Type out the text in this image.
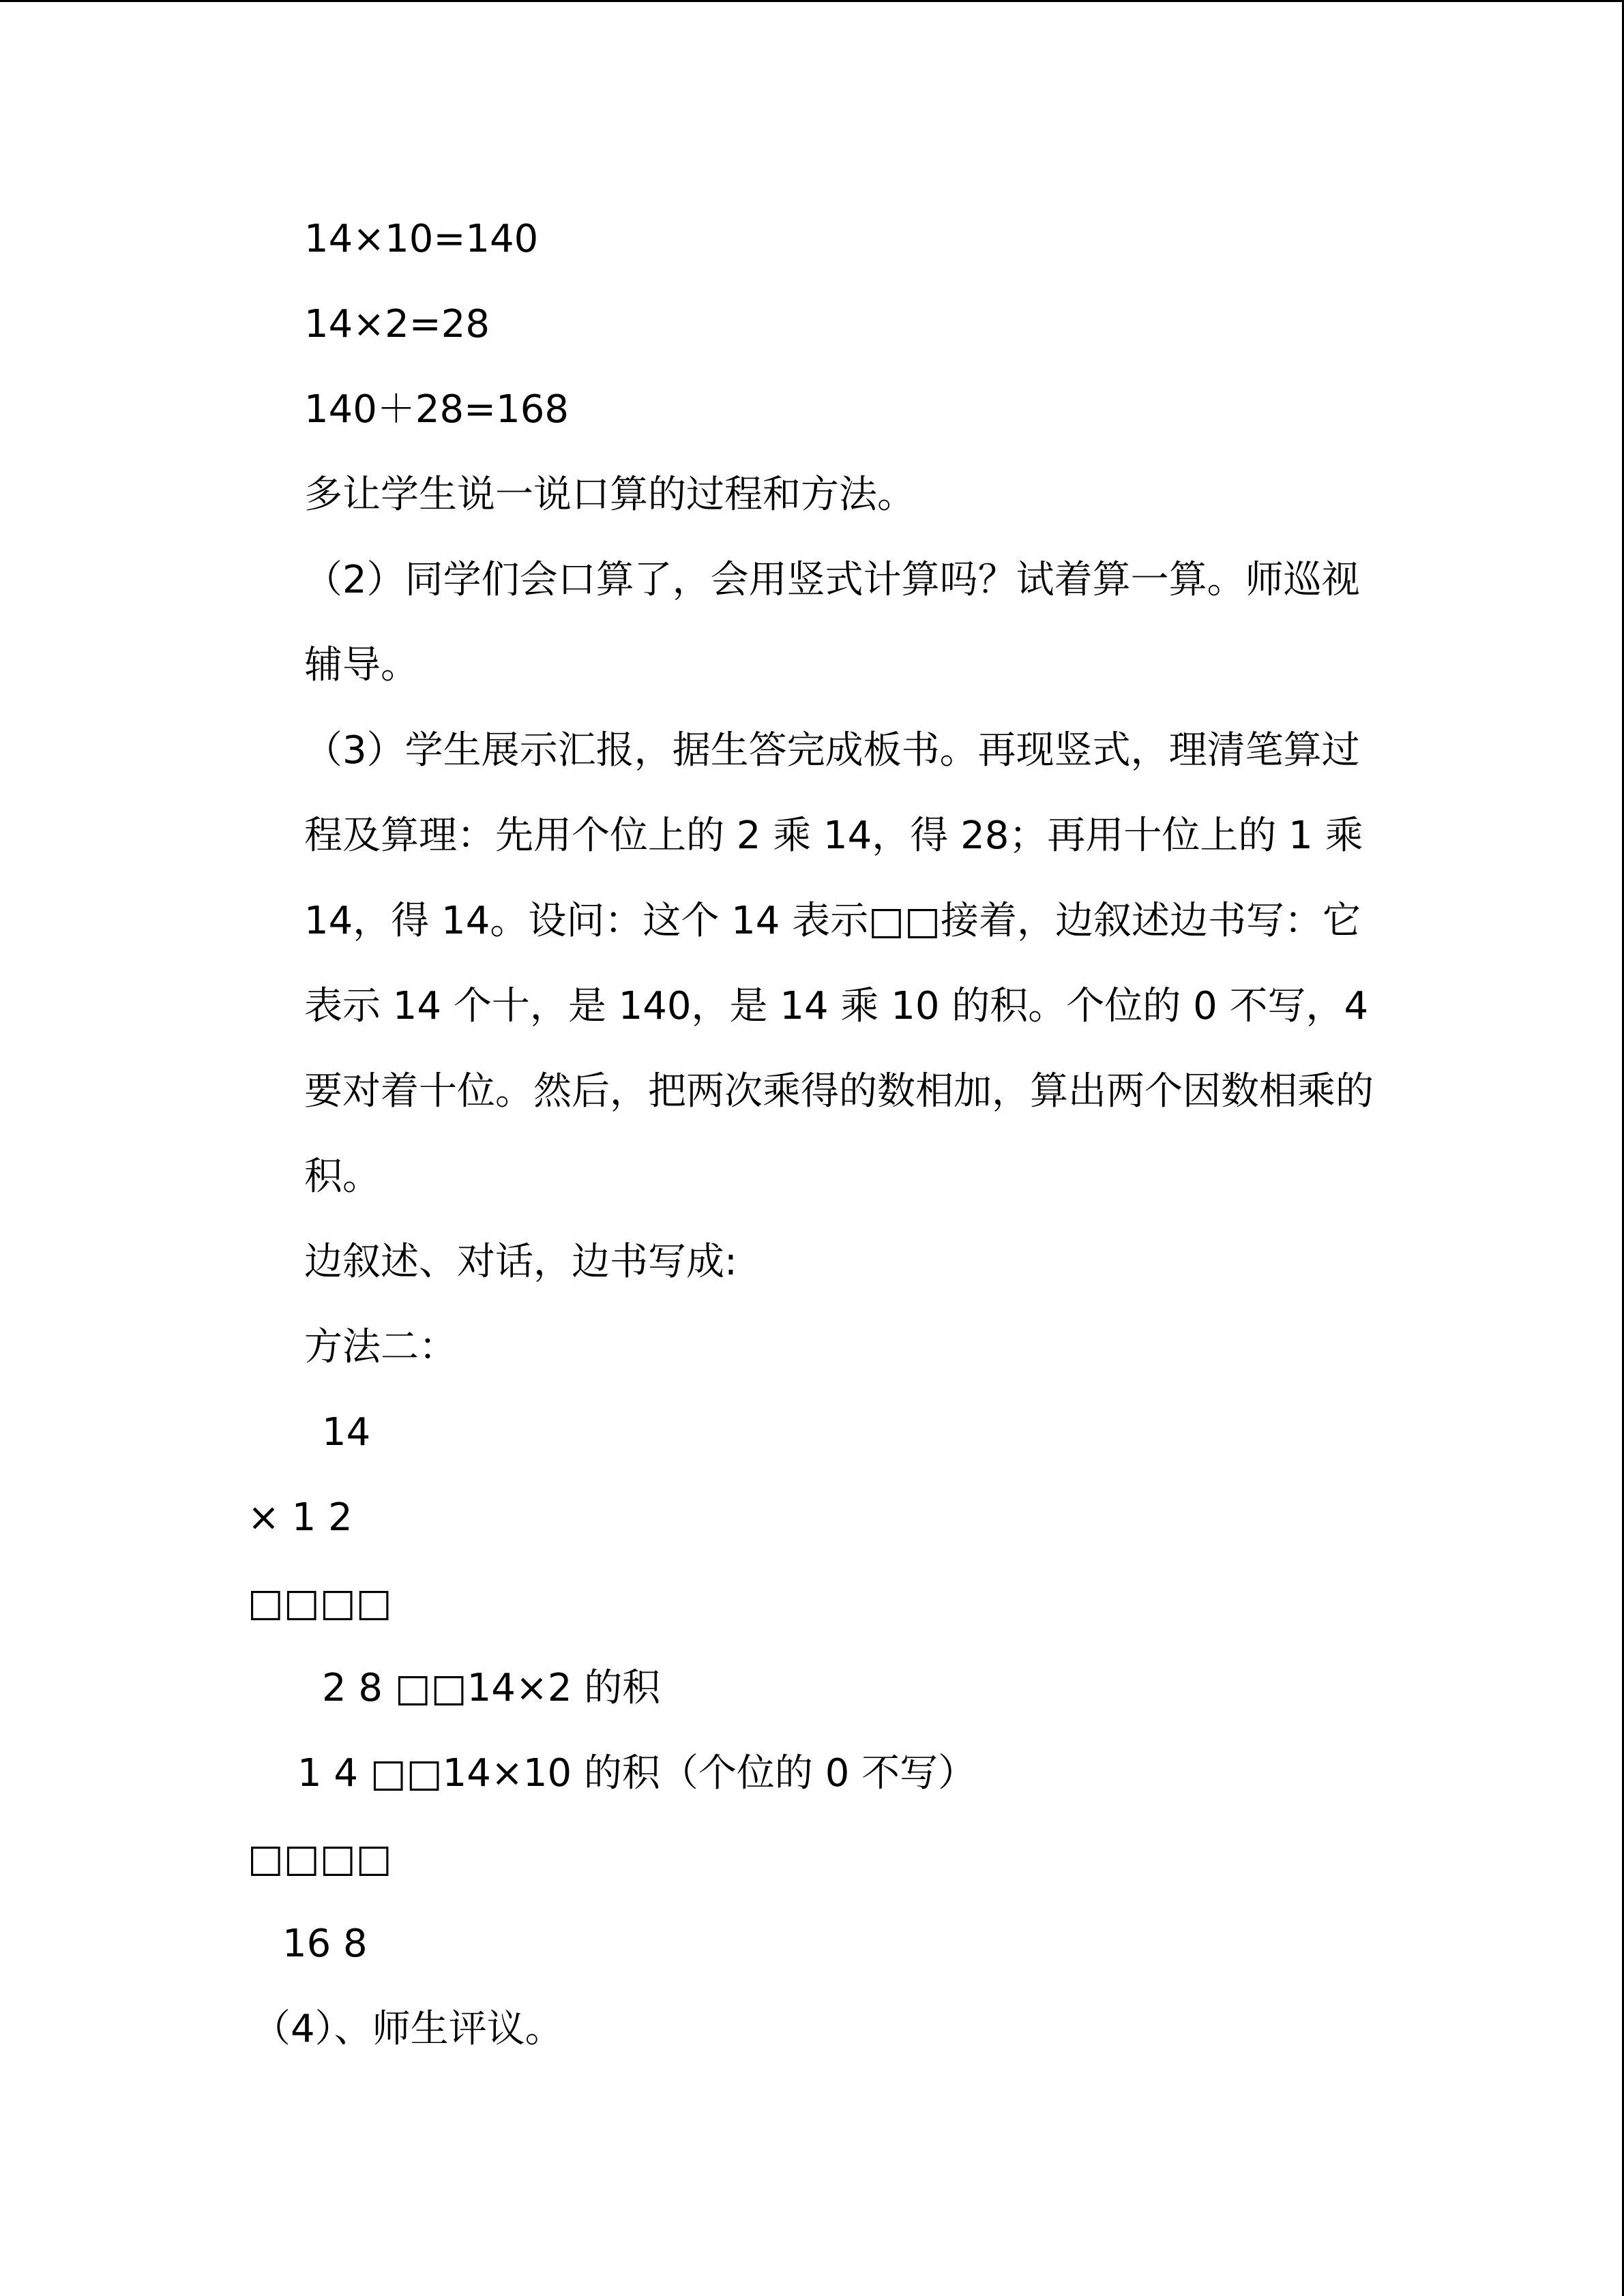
14×10=140
14×2=28
140＋28=168
多让学生说一说口算的过程和方法。
（2）同学们会口算了，会用竖式计算吗？试着算一算。师巡视
辅导。
（3）学生展示汇报，据生答完成板书。再现竖式，理清笔算过
程及算理：先用个位上的 2 乘 14，得 28；再用十位上的 1 乘
14，得 14。设问：这个 14 表示□□接着，边叙述边书写：它
表示 14 个十，是 140，是 14 乘 10 的积。个位的 0 不写，4
要对着十位。然后，把两次乘得的数相加，算出两个因数相乘的
积。
边叙述、对话，边书写成:
方法二：
14
× 1 2
□□□□
2 8 □□14×2 的积
1 4 □□14×10 的积（个位的 0 不写）
□□□□
16 8
（4）、师生评议。
